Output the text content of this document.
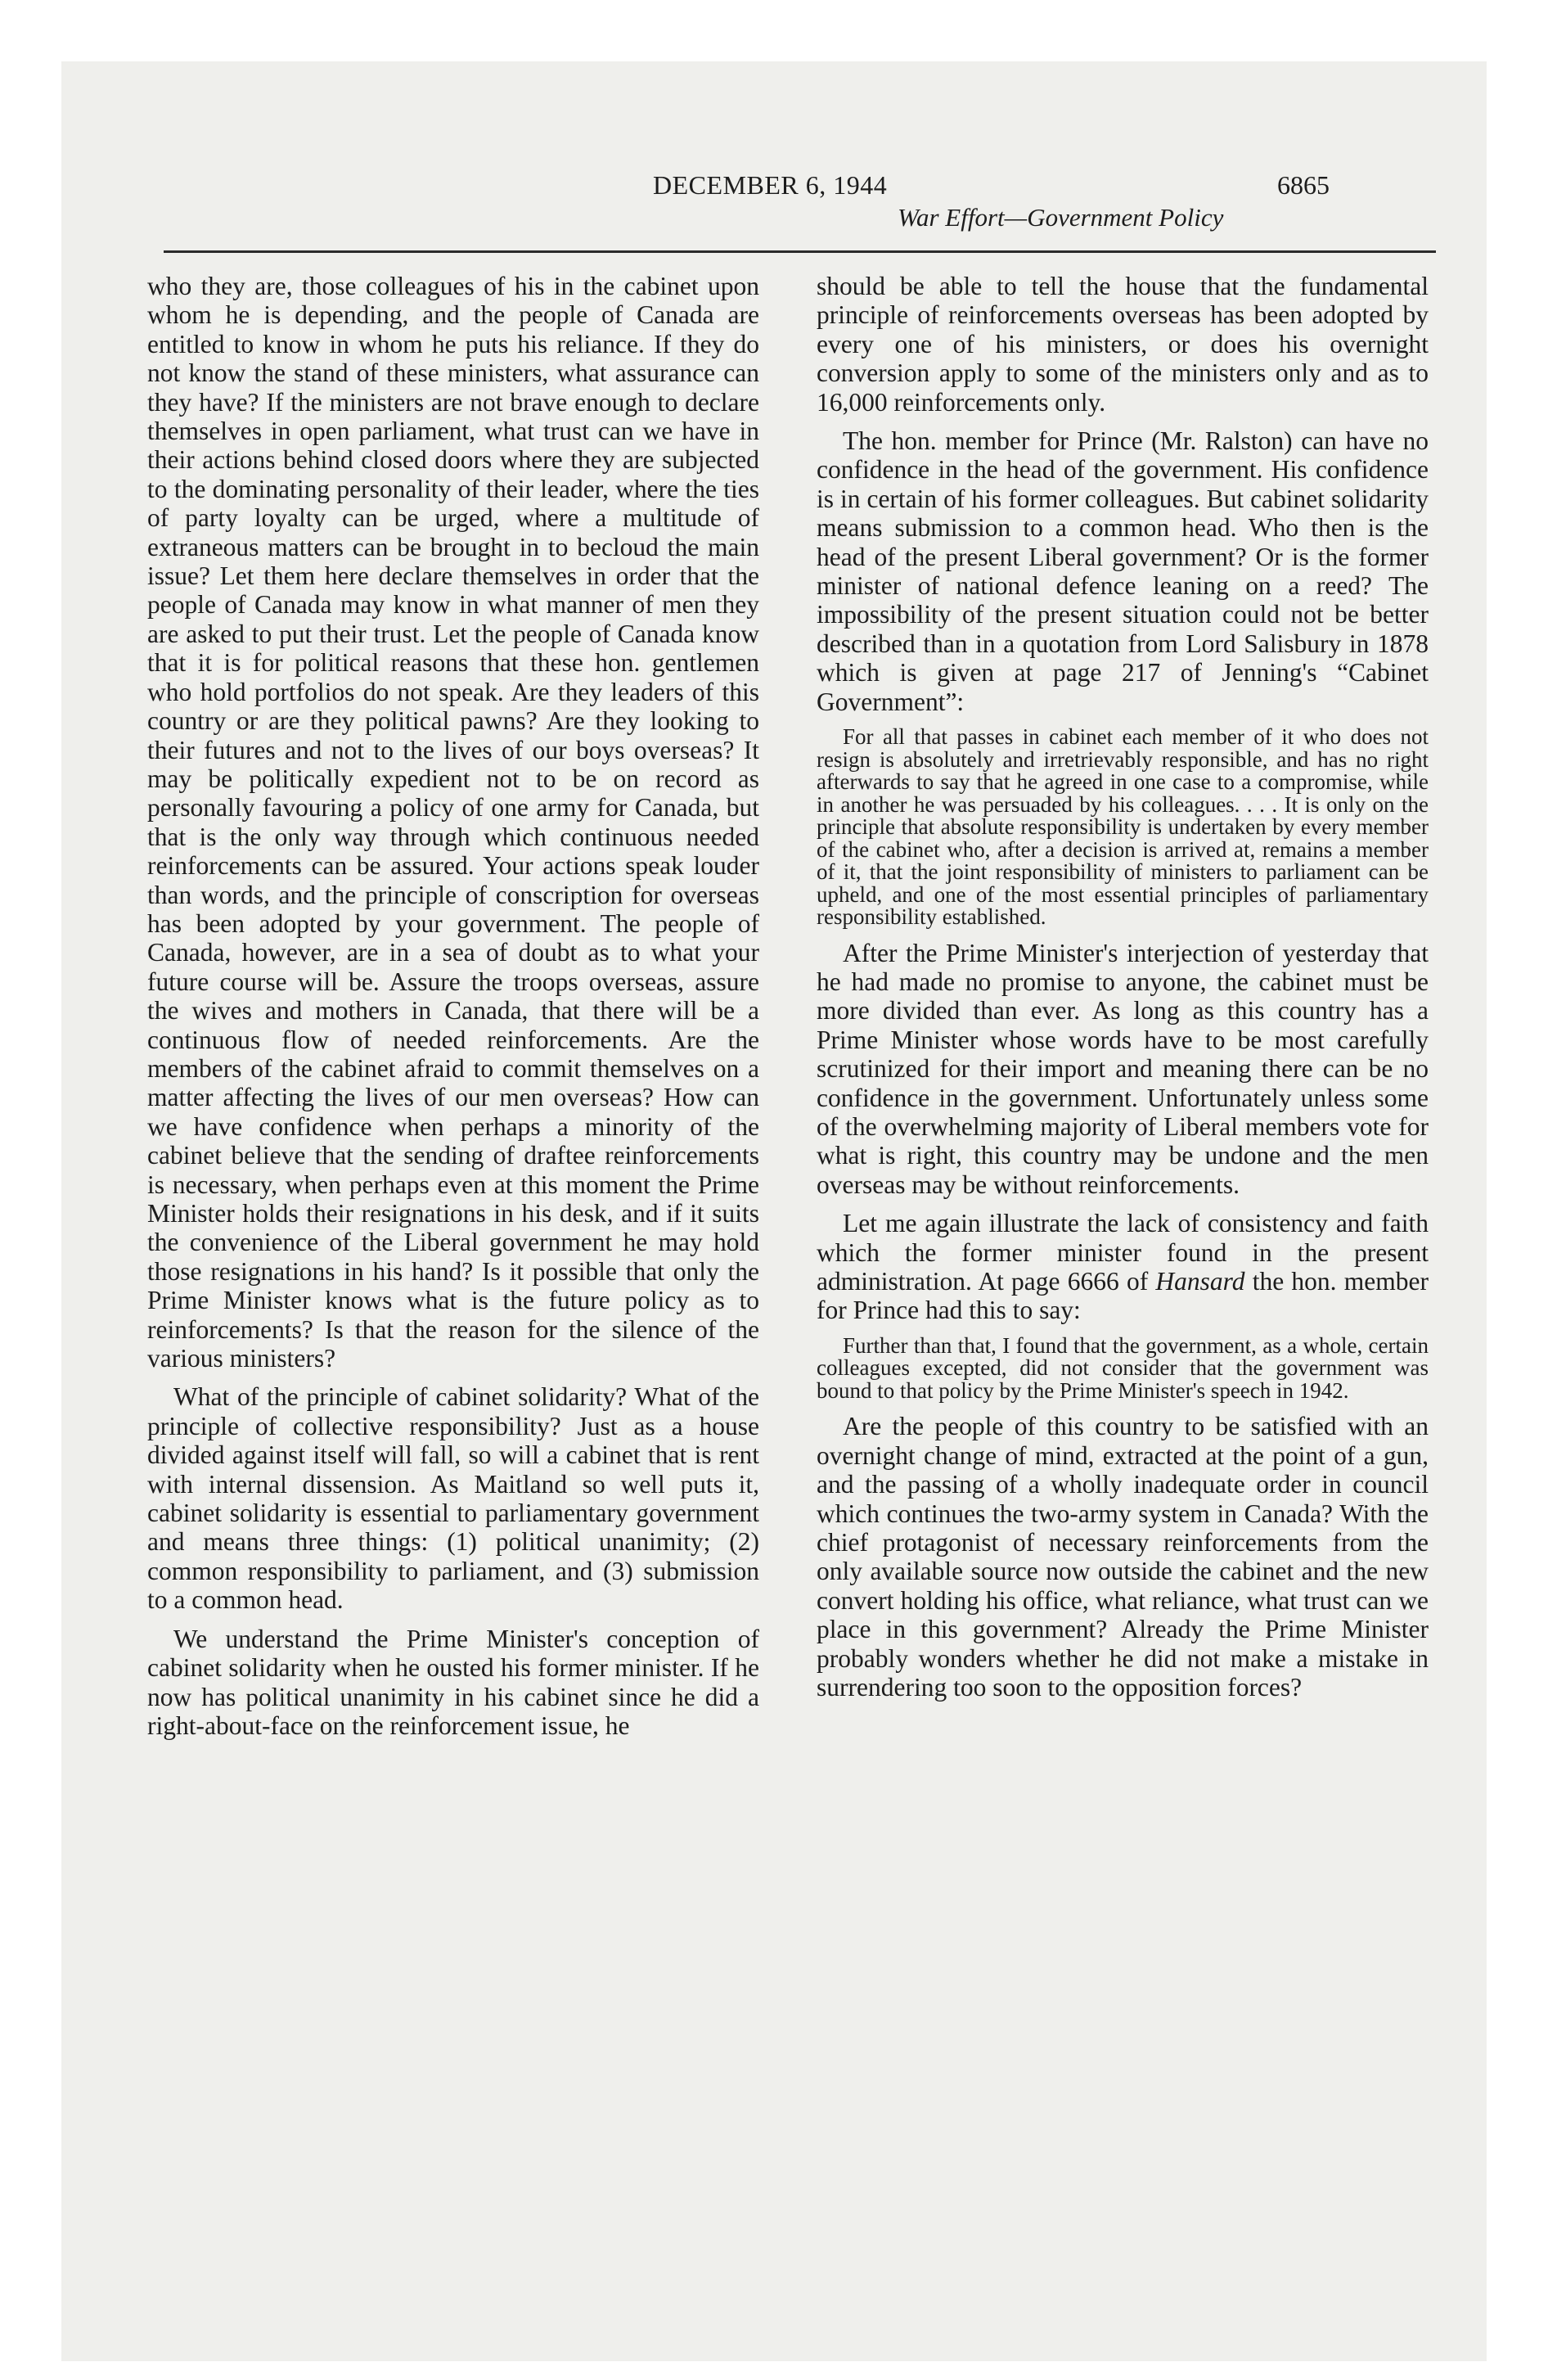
DECEMBER 6, 1944	6865
War Effort—Government Policy

who they are, those colleagues of his in the cabinet upon whom he is depending, and the people of Canada are entitled to know in whom he puts his reliance. If they do not know the stand of these ministers, what assurance can they have? If the ministers are not brave enough to declare themselves in open parliament, what trust can we have in their actions behind closed doors where they are subjected to the dominating personality of their leader, where the ties of party loyalty can be urged, where a multitude of extraneous matters can be brought in to becloud the main issue? Let them here declare themselves in order that the people of Canada may know in what manner of men they are asked to put their trust. Let the people of Canada know that it is for political reasons that these hon. gentlemen who hold portfolios do not speak. Are they leaders of this country or are they political pawns? Are they looking to their futures and not to the lives of our boys overseas? It may be politically expedient not to be on record as personally favouring a policy of one army for Canada, but that is the only way through which continuous needed reinforcements can be assured. Your actions speak louder than words, and the principle of conscription for overseas has been adopted by your government. The people of Canada, however, are in a sea of doubt as to what your future course will be. Assure the troops overseas, assure the wives and mothers in Canada, that there will be a continuous flow of needed reinforcements. Are the members of the cabinet afraid to commit themselves on a matter affecting the lives of our men overseas? How can we have confidence when perhaps a minority of the cabinet believe that the sending of draftee reinforcements is necessary, when perhaps even at this moment the Prime Minister holds their resignations in his desk, and if it suits the convenience of the Liberal government he may hold those resignations in his hand? Is it possible that only the Prime Minister knows what is the future policy as to reinforcements? Is that the reason for the silence of the various ministers?

What of the principle of cabinet solidarity? What of the principle of collective responsibility? Just as a house divided against itself will fall, so will a cabinet that is rent with internal dissension. As Maitland so well puts it, cabinet solidarity is essential to parliamentary government and means three things: (1) political unanimity; (2) common responsibility to parliament, and (3) submission to a common head.

We understand the Prime Minister's conception of cabinet solidarity when he ousted his former minister. If he now has political unanimity in his cabinet since he did a right-about-face on the reinforcement issue, he

should be able to tell the house that the fundamental principle of reinforcements overseas has been adopted by every one of his ministers, or does his overnight conversion apply to some of the ministers only and as to 16,000 reinforcements only.

The hon. member for Prince (Mr. Ralston) can have no confidence in the head of the government. His confidence is in certain of his former colleagues. But cabinet solidarity means submission to a common head. Who then is the head of the present Liberal government? Or is the former minister of national defence leaning on a reed? The impossibility of the present situation could not be better described than in a quotation from Lord Salisbury in 1878 which is given at page 217 of Jenning's “Cabinet Government”:

For all that passes in cabinet each member of it who does not resign is absolutely and irretrievably responsible, and has no right afterwards to say that he agreed in one case to a compromise, while in another he was persuaded by his colleagues. . . . It is only on the principle that absolute responsibility is undertaken by every member of the cabinet who, after a decision is arrived at, remains a member of it, that the joint responsibility of ministers to parliament can be upheld, and one of the most essential principles of parliamentary responsibility established.

After the Prime Minister's interjection of yesterday that he had made no promise to anyone, the cabinet must be more divided than ever. As long as this country has a Prime Minister whose words have to be most carefully scrutinized for their import and meaning there can be no confidence in the government. Unfortunately unless some of the overwhelming majority of Liberal members vote for what is right, this country may be undone and the men overseas may be without reinforcements.

Let me again illustrate the lack of consistency and faith which the former minister found in the present administration. At page 6666 of Hansard the hon. member for Prince had this to say:

Further than that, I found that the government, as a whole, certain colleagues excepted, did not consider that the government was bound to that policy by the Prime Minister's speech in 1942.

Are the people of this country to be satisfied with an overnight change of mind, extracted at the point of a gun, and the passing of a wholly inadequate order in council which continues the two-army system in Canada? With the chief protagonist of necessary reinforcements from the only available source now outside the cabinet and the new convert holding his office, what reliance, what trust can we place in this government? Already the Prime Minister probably wonders whether he did not make a mistake in surrendering too soon to the opposition forces?
